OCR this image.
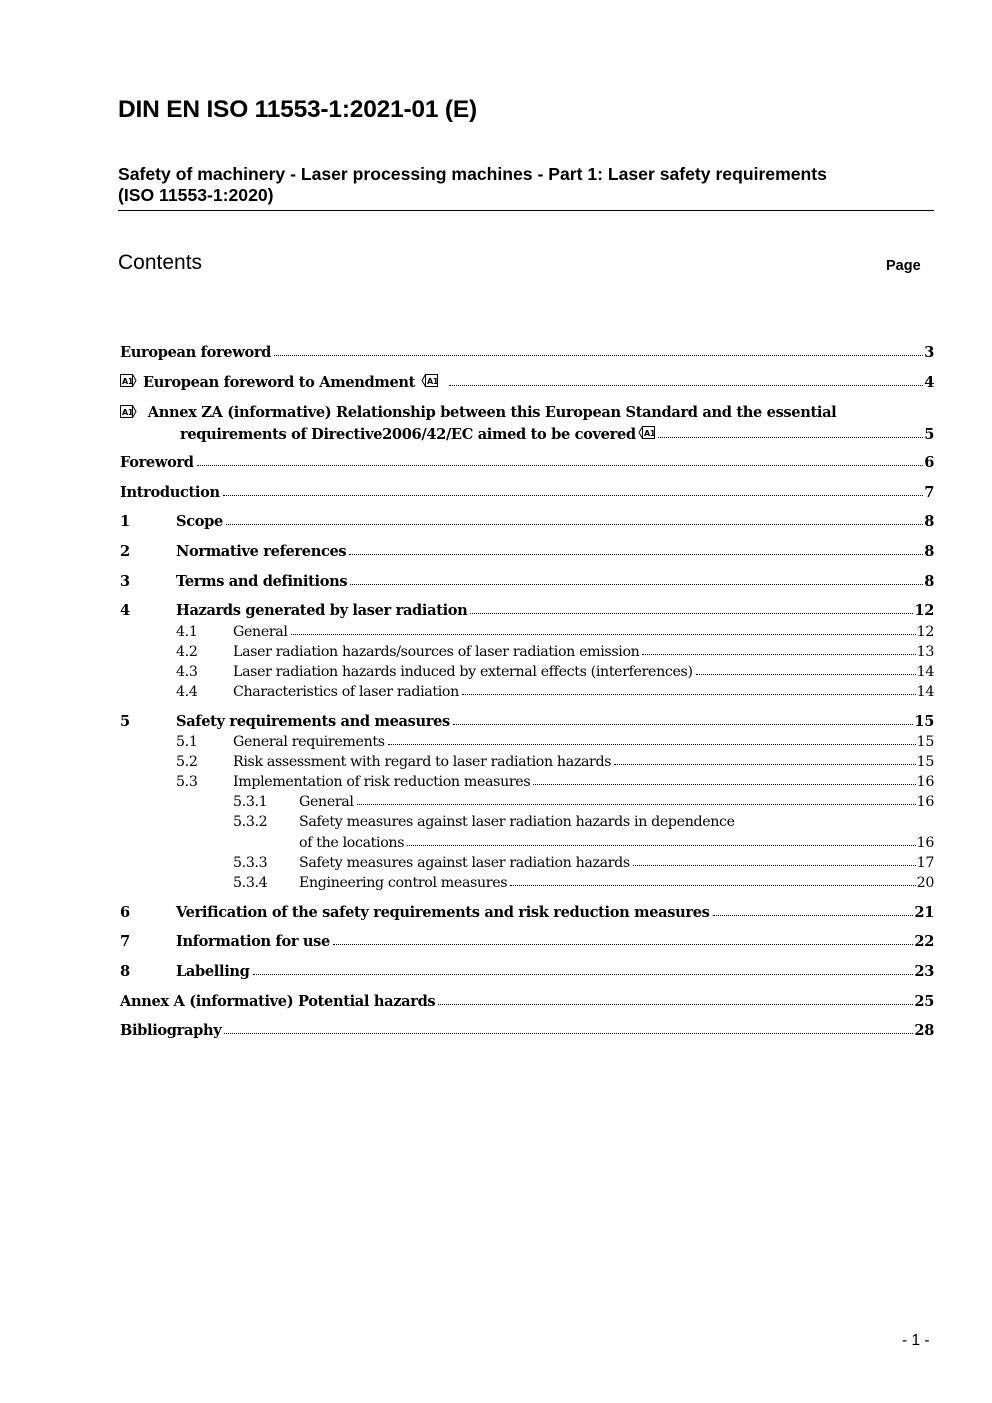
DIN EN ISO 11553-1:2021-01 (E)
Safety of machinery - Laser processing machines - Part 1: Laser safety requirements
(ISO 11553-1:2020)
Contents	Page
European foreword	3
A1 European foreword to Amendment A1	4
A1 Annex ZA (informative) Relationship between this European Standard and the essential
requirements of Directive2006/42/EC aimed to be covered A1	5
Foreword	6
Introduction	7
1	Scope	8
2	Normative references	8
3	Terms and definitions	8
4	Hazards generated by laser radiation	12
4.1	General	12
4.2	Laser radiation hazards/sources of laser radiation emission	13
4.3	Laser radiation hazards induced by external effects (interferences)	14
4.4	Characteristics of laser radiation	14
5	Safety requirements and measures	15
5.1	General requirements	15
5.2	Risk assessment with regard to laser radiation hazards	15
5.3	Implementation of risk reduction measures	16
5.3.1	General	16
5.3.2	Safety measures against laser radiation hazards in dependence
of the locations	16
5.3.3	Safety measures against laser radiation hazards	17
5.3.4	Engineering control measures	20
6	Verification of the safety requirements and risk reduction measures	21
7	Information for use	22
8	Labelling	23
Annex A (informative) Potential hazards	25
Bibliography	28
- 1 -
